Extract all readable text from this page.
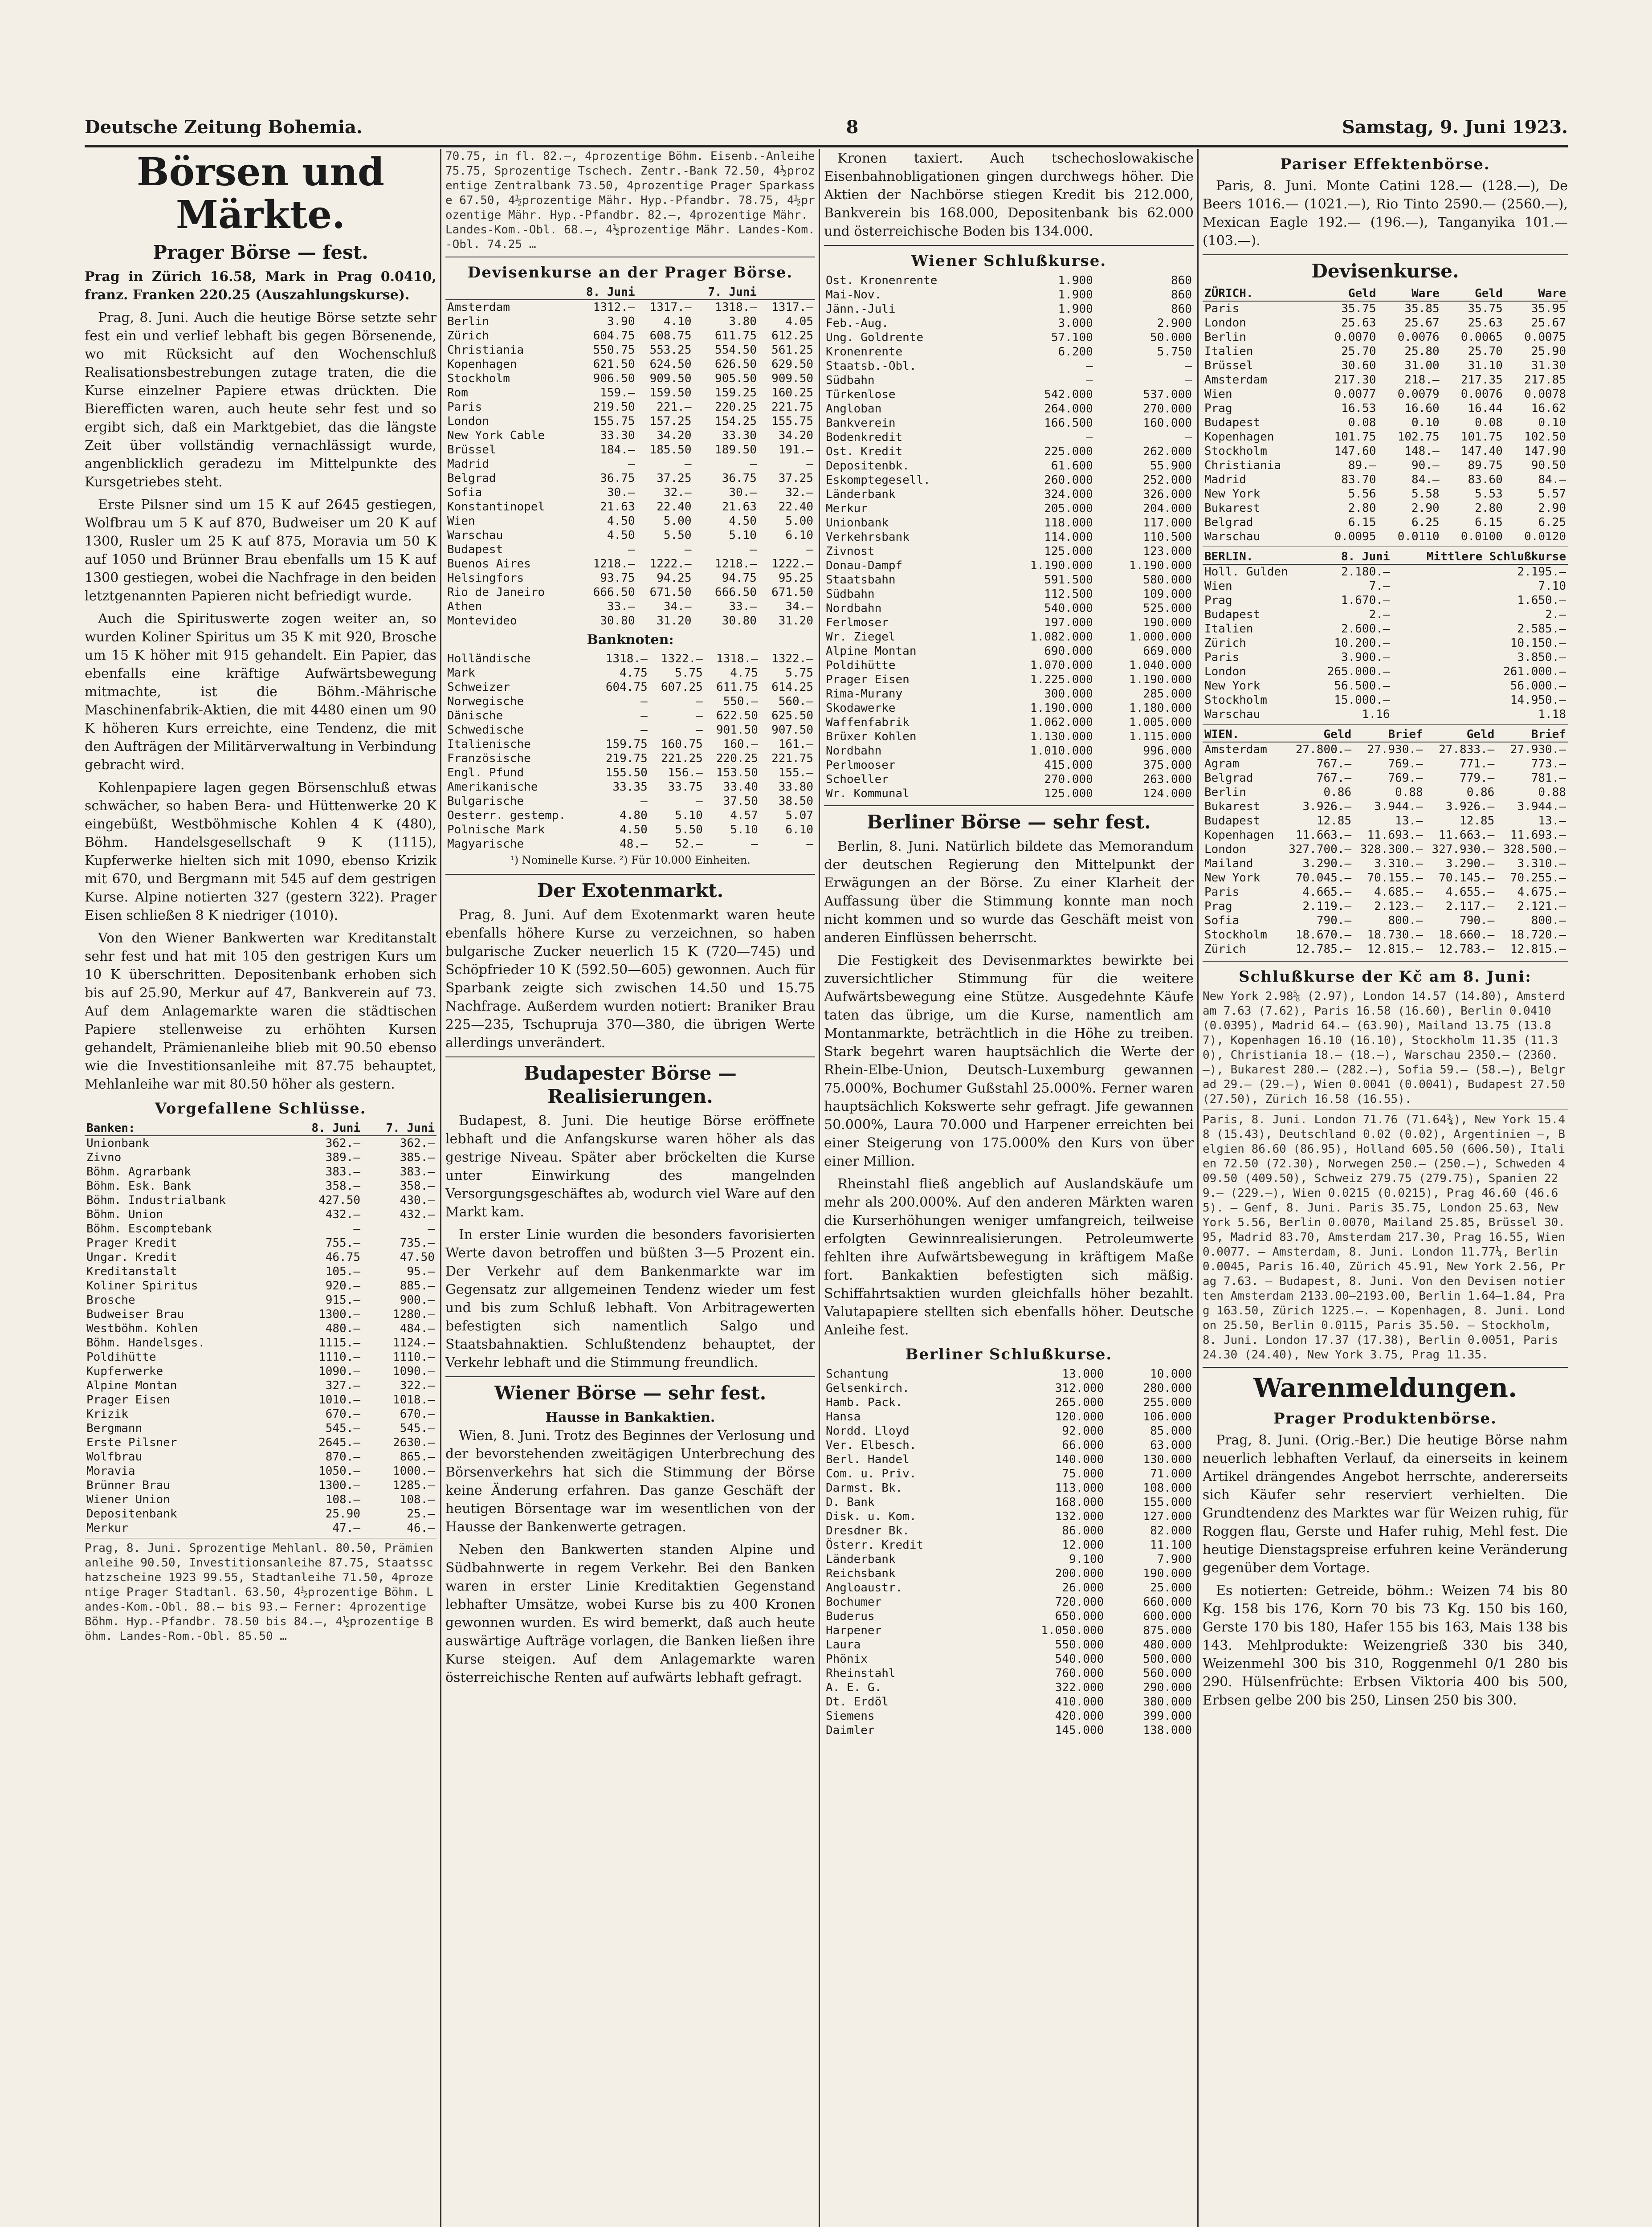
Deutsche Zeitung Bohemia.	8	Samstag, 9. Juni 1923.
Börsen und Märkte.
Prager Börse — fest.

Prag in Zürich 16.58, Mark in Prag 0.0410, franz. Franken 220.25 (Auszahlungskurse).

Prag, 8. Juni. Auch die heutige Börse setzte sehr fest ein und verlief lebhaft bis gegen Börsenende, wo mit Rücksicht auf den Wochenschluß Realisationsbestrebungen zutage traten, die die Kurse einzelner Papiere etwas drückten. Die Bierefficten waren, auch heute sehr fest und so ergibt sich, daß ein Marktgebiet, das die längste Zeit über vollständig vernachlässigt wurde, angenblicklich geradezu im Mittelpunkte des Kursgetriebes steht.

Erste Pilsner sind um 15 K auf 2645 gestiegen, Wolfbrau um 5 K auf 870, Budweiser um 20 K auf 1300, Rusler um 25 K auf 875, Moravia um 50 K auf 1050 und Brünner Brau ebenfalls um 15 K auf 1300 gestiegen, wobei die Nachfrage in den beiden letztgenannten Papieren nicht befriedigt wurde.

Auch die Spirituswerte zogen weiter an, so wurden Koliner Spiritus um 35 K mit 920, Brosche um 15 K höher mit 915 gehandelt. Ein Papier, das ebenfalls eine kräftige Aufwärtsbewegung mitmachte, ist die Böhm.-Mährische Maschinenfabrik-Aktien, die mit 4480 einen um 90 K höheren Kurs erreichte, eine Tendenz, die mit den Aufträgen der Militärverwaltung in Verbindung gebracht wird.

Kohlenpapiere lagen gegen Börsenschluß etwas schwächer, so haben Bera- und Hüttenwerke 20 K eingebüßt, Westböhmische Kohlen 4 K (480), Böhm. Handelsgesellschaft 9 K (1115), Kupferwerke hielten sich mit 1090, ebenso Krizik mit 670, und Bergmann mit 545 auf dem gestrigen Kurse. Alpine notierten 327 (gestern 322). Prager Eisen schließen 8 K niedriger (1010).

Von den Wiener Bankwerten war Kreditanstalt sehr fest und hat mit 105 den gestrigen Kurs um 10 K überschritten. Depositenbank erhoben sich bis auf 25.90, Merkur auf 47, Bankverein auf 73. Auf dem Anlagemarkte waren die städtischen Papiere stellenweise zu erhöhten Kursen gehandelt, Prämienanleihe blieb mit 90.50 ebenso wie die Investitionsanleihe mit 87.75 behauptet, Mehlanleihe war mit 80.50 höher als gestern.

Vorgefallene Schlüsse.
Banken:	8. Juni	7. Juni
Unionbank	362.—	362.—
Zivno	389.—	385.—
Böhm. Agrarbank	383.—	383.—
Böhm. Esk. Bank	358.—	358.—
Böhm. Industrialbank	427.50	430.—
Böhm. Union	432.—	432.—
Böhm. Escomptebank	—	—
Prager Kredit	755.—	735.—
Ungar. Kredit	46.75	47.50
Kreditanstalt	105.—	95.—
Koliner Spiritus	920.—	885.—
Brosche	915.—	900.—
Budweiser Brau	1300.—	1280.—
Westböhm. Kohlen	480.—	484.—
Böhm. Handelsges.	1115.—	1124.—
Poldihütte	1110.—	1110.—
Kupferwerke	1090.—	1090.—
Alpine Montan	327.—	322.—
Prager Eisen	1010.—	1018.—
Krizik	670.—	670.—
Bergmann	545.—	545.—
Erste Pilsner	2645.—	2630.—
Wolfbrau	870.—	865.—
Moravia	1050.—	1000.—
Brünner Brau	1300.—	1285.—
Wiener Union	108.—	108.—
Depositenbank	25.90	25.—
Merkur	47.—	46.—
Prag, 8. Juni. Sprozentige Mehlanl. 80.50, Prämienanleihe 90.50, Investitionsanleihe 87.75, Staatsschatzscheine 1923 99.55, Stadtanleihe 71.50, 4prozentige Prager Stadtanl. 63.50, 4½prozentige Böhm. Landes-Kom.-Obl. 88.— bis 93.— Ferner: 4prozentige Böhm. Hyp.-Pfandbr. 78.50 bis 84.—, 4½prozentige Böhm. Landes-Rom.-Obl. 85.50 …
70.75, in fl. 82.—, 4prozentige Böhm. Eisenb.-Anleihe 75.75, Sprozentige Tschech. Zentr.-Bank 72.50, 4½prozentige Zentralbank 73.50, 4prozentige Prager Sparkasse 67.50, 4½prozentige Mähr. Hyp.-Pfandbr. 78.75, 4½prozentige Mähr. Hyp.-Pfandbr. 82.—, 4prozentige Mähr. Landes-Kom.-Obl. 68.—, 4½prozentige Mähr. Landes-Kom.-Obl. 74.25 …
Devisenkurse an der Prager Börse.
	8. Juni		7. Juni	
Amsterdam	1312.—	1317.—	1318.—	1317.—
Berlin	3.90	4.10	3.80	4.05
Zürich	604.75	608.75	611.75	612.25
Christiania	550.75	553.25	554.50	561.25
Kopenhagen	621.50	624.50	626.50	629.50
Stockholm	906.50	909.50	905.50	909.50
Rom	159.—	159.50	159.25	160.25
Paris	219.50	221.—	220.25	221.75
London	155.75	157.25	154.25	155.75
New York Cable	33.30	34.20	33.30	34.20
Brüssel	184.—	185.50	189.50	191.—
Madrid	—	—	—	—
Belgrad	36.75	37.25	36.75	37.25
Sofia	30.—	32.—	30.—	32.—
Konstantinopel	21.63	22.40	21.63	22.40
Wien	4.50	5.00	4.50	5.00
Warschau	4.50	5.50	5.10	6.10
Budapest	—	—	—	—
Buenos Aires	1218.—	1222.—	1218.—	1222.—
Helsingfors	93.75	94.25	94.75	95.25
Rio de Janeiro	666.50	671.50	666.50	671.50
Athen	33.—	34.—	33.—	34.—
Montevideo	30.80	31.20	30.80	31.20
Banknoten:
Holländische	1318.—	1322.—	1318.—	1322.—
Mark	4.75	5.75	4.75	5.75
Schweizer	604.75	607.25	611.75	614.25
Norwegische	—	—	550.—	560.—
Dänische	—	—	622.50	625.50
Schwedische	—	—	901.50	907.50
Italienische	159.75	160.75	160.—	161.—
Französische	219.75	221.25	220.25	221.75
Engl. Pfund	155.50	156.—	153.50	155.—
Amerikanische	33.35	33.75	33.40	33.80
Bulgarische	—	—	37.50	38.50
Oesterr. gestemp.	4.80	5.10	4.57	5.07
Polnische Mark	4.50	5.50	5.10	6.10
Magyarische	48.—	52.—	—	—
¹) Nominelle Kurse. ²) Für 10.000 Einheiten.
Der Exotenmarkt.

Prag, 8. Juni. Auf dem Exotenmarkt waren heute ebenfalls höhere Kurse zu verzeichnen, so haben bulgarische Zucker neuerlich 15 K (720—745) und Schöpfrieder 10 K (592.50—605) gewonnen. Auch für Sparbank zeigte sich zwischen 14.50 und 15.75 Nachfrage. Außerdem wurden notiert: Braniker Brau 225—235, Tschupruja 370—380, die übrigen Werte allerdings unverändert.

Budapester Börse — Realisierungen.

Budapest, 8. Juni. Die heutige Börse eröffnete lebhaft und die Anfangskurse waren höher als das gestrige Niveau. Später aber bröckelten die Kurse unter Einwirkung des mangelnden Versorgungsgeschäftes ab, wodurch viel Ware auf den Markt kam.

In erster Linie wurden die besonders favorisierten Werte davon betroffen und büßten 3—5 Prozent ein. Der Verkehr auf dem Bankenmarkte war im Gegensatz zur allgemeinen Tendenz wieder um fest und bis zum Schluß lebhaft. Von Arbitragewerten befestigten sich namentlich Salgo und Staatsbahnaktien. Schlußtendenz behauptet, der Verkehr lebhaft und die Stimmung freundlich.

Wiener Börse — sehr fest.
Hausse in Bankaktien.

Wien, 8. Juni. Trotz des Beginnes der Verlosung und der bevorstehenden zweitägigen Unterbrechung des Börsenverkehrs hat sich die Stimmung der Börse keine Änderung erfahren. Das ganze Geschäft der heutigen Börsentage war im wesentlichen von der Hausse der Bankenwerte getragen.

Neben den Bankwerten standen Alpine und Südbahnwerte in regem Verkehr. Bei den Banken waren in erster Linie Kreditaktien Gegenstand lebhafter Umsätze, wobei Kurse bis zu 400 Kronen gewonnen wurden. Es wird bemerkt, daß auch heute auswärtige Aufträge vorlagen, die Banken ließen ihre Kurse steigen. Auf dem Anlagemarkte waren österreichische Renten auf aufwärts lebhaft gefragt.

Kronen taxiert. Auch tschechoslowakische Eisenbahnobligationen gingen durchwegs höher. Die Aktien der Nachbörse stiegen Kredit bis 212.000, Bankverein bis 168.000, Depositenbank bis 62.000 und österreichische Boden bis 134.000.

Wiener Schlußkurse.
Ost. Kronenrente	1.900	860
Mai-Nov.	1.900	860
Jänn.-Juli	1.900	860
Feb.-Aug.	3.000	2.900
Ung. Goldrente	57.100	50.000
Kronenrente	6.200	5.750
Staatsb.-Obl.	—	—
Südbahn	—	—
Türkenlose	542.000	537.000
Angloban	264.000	270.000
Bankverein	166.500	160.000
Bodenkredit	—	—
Ost. Kredit	225.000	262.000
Depositenbk.	61.600	55.900
Eskomptegesell.	260.000	252.000
Länderbank	324.000	326.000
Merkur	205.000	204.000
Unionbank	118.000	117.000
Verkehrsbank	114.000	110.500
Zivnost	125.000	123.000
Donau-Dampf	1.190.000	1.190.000
Staatsbahn	591.500	580.000
Südbahn	112.500	109.000
Nordbahn	540.000	525.000
Ferlmoser	197.000	190.000
Wr. Ziegel	1.082.000	1.000.000
Alpine Montan	690.000	669.000
Poldihütte	1.070.000	1.040.000
Prager Eisen	1.225.000	1.190.000
Rima-Murany	300.000	285.000
Skodawerke	1.190.000	1.180.000
Waffenfabrik	1.062.000	1.005.000
Brüxer Kohlen	1.130.000	1.115.000
Nordbahn	1.010.000	996.000
Perlmooser	415.000	375.000
Schoeller	270.000	263.000
Wr. Kommunal	125.000	124.000
Berliner Börse — sehr fest.

Berlin, 8. Juni. Natürlich bildete das Memorandum der deutschen Regierung den Mittelpunkt der Erwägungen an der Börse. Zu einer Klarheit der Auffassung über die Stimmung konnte man noch nicht kommen und so wurde das Geschäft meist von anderen Einflüssen beherrscht.

Die Festigkeit des Devisenmarktes bewirkte bei zuversichtlicher Stimmung für die weitere Aufwärtsbewegung eine Stütze. Ausgedehnte Käufe taten das übrige, um die Kurse, namentlich am Montanmarkte, beträchtlich in die Höhe zu treiben. Stark begehrt waren hauptsächlich die Werte der Rhein-Elbe-Union, Deutsch-Luxemburg gewannen 75.000%, Bochumer Gußstahl 25.000%. Ferner waren hauptsächlich Kokswerte sehr gefragt. Jife gewannen 50.000%, Laura 70.000 und Harpener erreichten bei einer Steigerung von 175.000% den Kurs von über einer Million.

Rheinstahl fließ angeblich auf Auslandskäufe um mehr als 200.000%. Auf den anderen Märkten waren die Kurserhöhungen weniger umfangreich, teilweise erfolgten Gewinnrealisierungen. Petroleumwerte fehlten ihre Aufwärtsbewegung in kräftigem Maße fort. Bankaktien befestigten sich mäßig. Schiffahrtsaktien wurden gleichfalls höher bezahlt. Valutapapiere stellten sich ebenfalls höher. Deutsche Anleihe fest.

Berliner Schlußkurse.
Schantung	13.000	10.000
Gelsenkirch.	312.000	280.000
Hamb. Pack.	265.000	255.000
Hansa	120.000	106.000
Nordd. Lloyd	92.000	85.000
Ver. Elbesch.	66.000	63.000
Berl. Handel	140.000	130.000
Com. u. Priv.	75.000	71.000
Darmst. Bk.	113.000	108.000
D. Bank	168.000	155.000
Disk. u. Kom.	132.000	127.000
Dresdner Bk.	86.000	82.000
Österr. Kredit	12.000	11.100
Länderbank	9.100	7.900
Reichsbank	200.000	190.000
Angloaustr.	26.000	25.000
Bochumer	720.000	660.000
Buderus	650.000	600.000
Harpener	1.050.000	875.000
Laura	550.000	480.000
Phönix	540.000	500.000
Rheinstahl	760.000	560.000
A. E. G.	322.000	290.000
Dt. Erdöl	410.000	380.000
Siemens	420.000	399.000
Daimler	145.000	138.000
Pariser Effektenbörse.

Paris, 8. Juni. Monte Catini 128.— (128.—), De Beers 1016.— (1021.—), Rio Tinto 2590.— (2560.—), Mexican Eagle 192.— (196.—), Tanganyika 101.— (103.—).

Devisenkurse.
ZÜRICH.	Geld	Ware	Geld	Ware
Paris	35.75	35.85	35.75	35.95
London	25.63	25.67	25.63	25.67
Berlin	0.0070	0.0076	0.0065	0.0075
Italien	25.70	25.80	25.70	25.90
Brüssel	30.60	31.00	31.10	31.30
Amsterdam	217.30	218.—	217.35	217.85
Wien	0.0077	0.0079	0.0076	0.0078
Prag	16.53	16.60	16.44	16.62
Budapest	0.08	0.10	0.08	0.10
Kopenhagen	101.75	102.75	101.75	102.50
Stockholm	147.60	148.—	147.40	147.90
Christiania	89.—	90.—	89.75	90.50
Madrid	83.70	84.—	83.60	84.—
New York	5.56	5.58	5.53	5.57
Bukarest	2.80	2.90	2.80	2.90
Belgrad	6.15	6.25	6.15	6.25
Warschau	0.0095	0.0110	0.0100	0.0120
BERLIN.	8. Juni	Mittlere Schlußkurse
Holl. Gulden	2.180.—	2.195.—
Wien	7.—	7.10
Prag	1.670.—	1.650.—
Budapest	2.—	2.—
Italien	2.600.—	2.585.—
Zürich	10.200.—	10.150.—
Paris	3.900.—	3.850.—
London	265.000.—	261.000.—
New York	56.500.—	56.000.—
Stockholm	15.000.—	14.950.—
Warschau	1.16	1.18
WIEN.	Geld	Brief	Geld	Brief
Amsterdam	27.800.—	27.930.—	27.833.—	27.930.—
Agram	767.—	769.—	771.—	773.—
Belgrad	767.—	769.—	779.—	781.—
Berlin	0.86	0.88	0.86	0.88
Bukarest	3.926.—	3.944.—	3.926.—	3.944.—
Budapest	12.85	13.—	12.85	13.—
Kopenhagen	11.663.—	11.693.—	11.663.—	11.693.—
London	327.700.—	328.300.—	327.930.—	328.500.—
Mailand	3.290.—	3.310.—	3.290.—	3.310.—
New York	70.045.—	70.155.—	70.145.—	70.255.—
Paris	4.665.—	4.685.—	4.655.—	4.675.—
Prag	2.119.—	2.123.—	2.117.—	2.121.—
Sofia	790.—	800.—	790.—	800.—
Stockholm	18.670.—	18.730.—	18.660.—	18.720.—
Zürich	12.785.—	12.815.—	12.783.—	12.815.—
Schlußkurse der Kč am 8. Juni:
New York 2.98⅝ (2.97), London 14.57 (14.80), Amsterdam 7.63 (7.62), Paris 16.58 (16.60), Berlin 0.0410 (0.0395), Madrid 64.— (63.90), Mailand 13.75 (13.87), Kopenhagen 16.10 (16.10), Stockholm 11.35 (11.30), Christiania 18.— (18.—), Warschau 2350.— (2360.—), Bukarest 280.— (282.—), Sofia 59.— (58.—), Belgrad 29.— (29.—), Wien 0.0041 (0.0041), Budapest 27.50 (27.50), Zürich 16.58 (16.55).
Paris, 8. Juni. London 71.76 (71.64¾), New York 15.48 (15.43), Deutschland 0.02 (0.02), Argentinien —, Belgien 86.60 (86.95), Holland 605.50 (606.50), Italien 72.50 (72.30), Norwegen 250.— (250.—), Schweden 409.50 (409.50), Schweiz 279.75 (279.75), Spanien 229.— (229.—), Wien 0.0215 (0.0215), Prag 46.60 (46.65). — Genf, 8. Juni. Paris 35.75, London 25.63, New York 5.56, Berlin 0.0070, Mailand 25.85, Brüssel 30.95, Madrid 83.70, Amsterdam 217.30, Prag 16.55, Wien 0.0077. — Amsterdam, 8. Juni. London 11.77¼, Berlin 0.0045, Paris 16.40, Zürich 45.91, New York 2.56, Prag 7.63. — Budapest, 8. Juni. Von den Devisen notierten Amsterdam 2133.00—2193.00, Berlin 1.64—1.84, Prag 163.50, Zürich 1225.—. — Kopenhagen, 8. Juni. London 25.50, Berlin 0.0115, Paris 35.50. — Stockholm, 8. Juni. London 17.37 (17.38), Berlin 0.0051, Paris 24.30 (24.40), New York 3.75, Prag 11.35.
Warenmeldungen.
Prager Produktenbörse.

Prag, 8. Juni. (Orig.-Ber.) Die heutige Börse nahm neuerlich lebhaften Verlauf, da einerseits in keinem Artikel drängendes Angebot herrschte, andererseits sich Käufer sehr reserviert verhielten. Die Grundtendenz des Marktes war für Weizen ruhig, für Roggen flau, Gerste und Hafer ruhig, Mehl fest. Die heutige Dienstagspreise erfuhren keine Veränderung gegenüber dem Vortage.

Es notierten: Getreide, böhm.: Weizen 74 bis 80 Kg. 158 bis 176, Korn 70 bis 73 Kg. 150 bis 160, Gerste 170 bis 180, Hafer 155 bis 163, Mais 138 bis 143. Mehlprodukte: Weizengrieß 330 bis 340, Weizenmehl 300 bis 310, Roggenmehl 0/1 280 bis 290. Hülsenfrüchte: Erbsen Viktoria 400 bis 500, Erbsen gelbe 200 bis 250, Linsen 250 bis 300.
